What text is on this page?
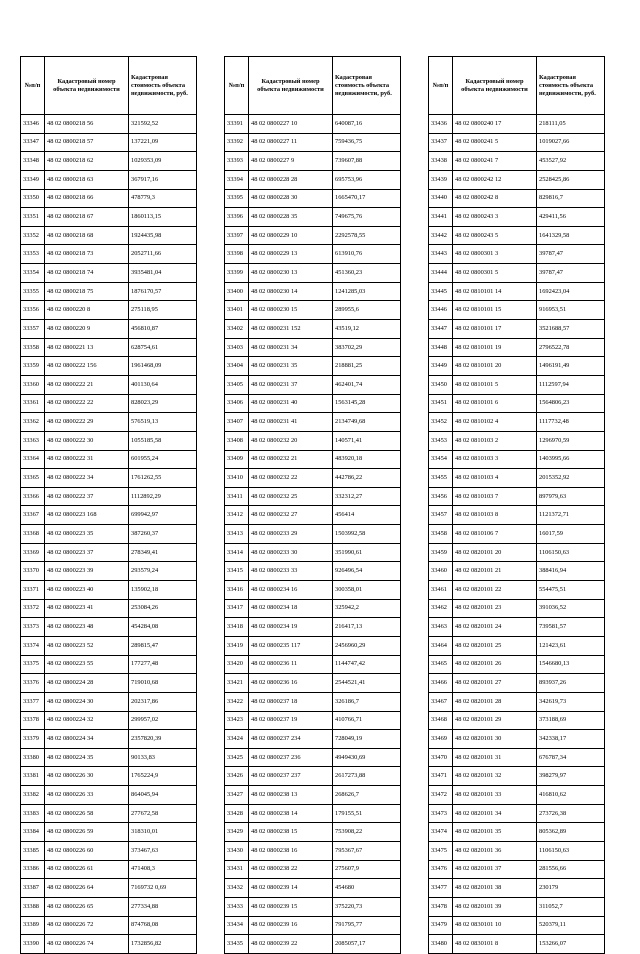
№п/п	Кадастровый номер объекта недвижимости	Кадастровая стоимость объекта недвижимости, руб.
33346	48 02 0800218 56	321592,52
33347	48 02 0800218 57	137221,09
33348	48 02 0800218 62	1029353,09
33349	48 02 0800218 63	367917,16
33350	48 02 0800218 66	478779,3
33351	48 02 0800218 67	1860113,15
33352	48 02 0800218 68	1924435,98
33353	48 02 0800218 73	2052711,66
33354	48 02 0800218 74	3935481,04
33355	48 02 0800218 75	1876170,57
33356	48 02 0800220 8	275118,95
33357	48 02 0800220 9	456810,87
33358	48 02 0800221 13	628754,61
33359	48 02 0800222 156	1961468,09
33360	48 02 0800222 21	401130,64
33361	48 02 0800222 22	828023,29
33362	48 02 0800222 29	576519,13
33363	48 02 0800222 30	1055185,58
33364	48 02 0800222 31	601955,24
33365	48 02 0800222 34	1761262,55
33366	48 02 0800222 37	1112892,29
33367	48 02 0800223 168	699942,97
33368	48 02 0800223 35	387260,37
33369	48 02 0800223 37	278349,41
33370	48 02 0800223 39	293579,24
33371	48 02 0800223 40	135902,18
33372	48 02 0800223 41	253084,26
33373	48 02 0800223 48	454284,08
33374	48 02 0800223 52	289815,47
33375	48 02 0800223 55	177277,48
33376	48 02 0800224 28	719010,68
33377	48 02 0800224 30	202317,86
33378	48 02 0800224 32	299957,02
33379	48 02 0800224 34	2357820,39
33380	48 02 0800224 35	90133,83
33381	48 02 0800226 30	1765224,9
33382	48 02 0800226 33	864045,94
33383	48 02 0800226 58	277672,58
33384	48 02 0800226 59	318310,01
33385	48 02 0800226 60	373467,63
33386	48 02 0800226 61	471408,3
33387	48 02 0800226 64	7169732 0,69
33388	48 02 0800226 65	277334,88
33389	48 02 0800226 72	874768,08
33390	48 02 0800226 74	1732856,82
№п/п	Кадастровый номер объекта недвижимости	Кадастровая стоимость объекта недвижимости, руб.
33391	48 02 0800227 10	640087,16
33392	48 02 0800227 11	759436,75
33393	48 02 0800227 9	739607,88
33394	48 02 0800228 28	695753,96
33395	48 02 0800228 30	1665470,17
33396	48 02 0800228 35	749675,76
33397	48 02 0800229 10	2292578,55
33398	48 02 0800229 13	613910,76
33399	48 02 0800230 13	451360,23
33400	48 02 0800230 14	1241285,03
33401	48 02 0800230 15	289955,6
33402	48 02 0800231 152	43519,12
33403	48 02 0800231 34	383702,29
33404	48 02 0800231 35	218881,25
33405	48 02 0800231 37	462401,74
33406	48 02 0800231 40	1563145,28
33407	48 02 0800231 41	2134749,68
33408	48 02 0800232 20	140571,41
33409	48 02 0800232 21	483920,18
33410	48 02 0800232 22	442786,22
33411	48 02 0800232 25	332312,27
33412	48 02 0800232 27	456414
33413	48 02 0800233 29	1503992,58
33414	48 02 0800233 30	351990,61
33415	48 02 0800233 33	926496,54
33416	48 02 0800234 16	300358,01
33417	48 02 0800234 18	325942,2
33418	48 02 0800234 19	216417,13
33419	48 02 0800235 117	2456960,29
33420	48 02 0800236 11	1144747,42
33421	48 02 0800236 16	2544521,41
33422	48 02 0800237 18	326186,7
33423	48 02 0800237 19	410766,71
33424	48 02 0800237 234	728049,19
33425	48 02 0800237 236	4949430,69
33426	48 02 0800237 237	2617273,88
33427	48 02 0800238 13	268626,7
33428	48 02 0800238 14	179155,51
33429	48 02 0800238 15	753908,22
33430	48 02 0800238 16	795367,67
33431	48 02 0800238 22	275607,9
33432	48 02 0800239 14	454680
33433	48 02 0800239 15	375220,73
33434	48 02 0800239 16	791795,77
33435	48 02 0800239 22	2085057,17
№п/п	Кадастровый номер объекта недвижимости	Кадастровая стоимость объекта недвижимости, руб.
33436	48 02 0800240 17	218111,05
33437	48 02 0800241 5	1019027,66
33438	48 02 0800241 7	453527,92
33439	48 02 0800242 12	2528425,86
33440	48 02 0800242 8	829816,7
33441	48 02 0800243 3	429411,56
33442	48 02 0800243 5	1641329,58
33443	48 02 0800301 3	39787,47
33444	48 02 0800301 5	39787,47
33445	48 02 0810101 14	1692423,04
33446	48 02 0810101 15	916953,51
33447	48 02 0810101 17	3521688,57
33448	48 02 0810101 19	2796522,78
33449	48 02 0810101 20	1496191,49
33450	48 02 0810101 5	1112597,94
33451	48 02 0810101 6	1564806,23
33452	48 02 0810102 4	1117732,48
33453	48 02 0810103 2	1296970,59
33454	48 02 0810103 3	1403995,66
33455	48 02 0810103 4	2015352,92
33456	48 02 0810103 7	897979,63
33457	48 02 0810103 8	1121372,71
33458	48 02 0810106 7	16017,59
33459	48 02 0820101 20	1106150,63
33460	48 02 0820101 21	388416,94
33461	48 02 0820101 22	554475,51
33462	48 02 0820101 23	391036,52
33463	48 02 0820101 24	739581,57
33464	48 02 0820101 25	121423,61
33465	48 02 0820101 26	1546680,13
33466	48 02 0820101 27	893937,26
33467	48 02 0820101 28	342619,73
33468	48 02 0820101 29	373188,69
33469	48 02 0820101 30	342338,17
33470	48 02 0820101 31	676787,34
33471	48 02 0820101 32	398279,97
33472	48 02 0820101 33	416810,62
33473	48 02 0820101 34	273726,38
33474	48 02 0820101 35	805362,89
33475	48 02 0820101 36	1106150,63
33476	48 02 0820101 37	281556,66
33477	48 02 0820101 38	230179
33478	48 02 0820101 39	311052,7
33479	48 02 0830101 10	520379,11
33480	48 02 0830101 8	153266,07
